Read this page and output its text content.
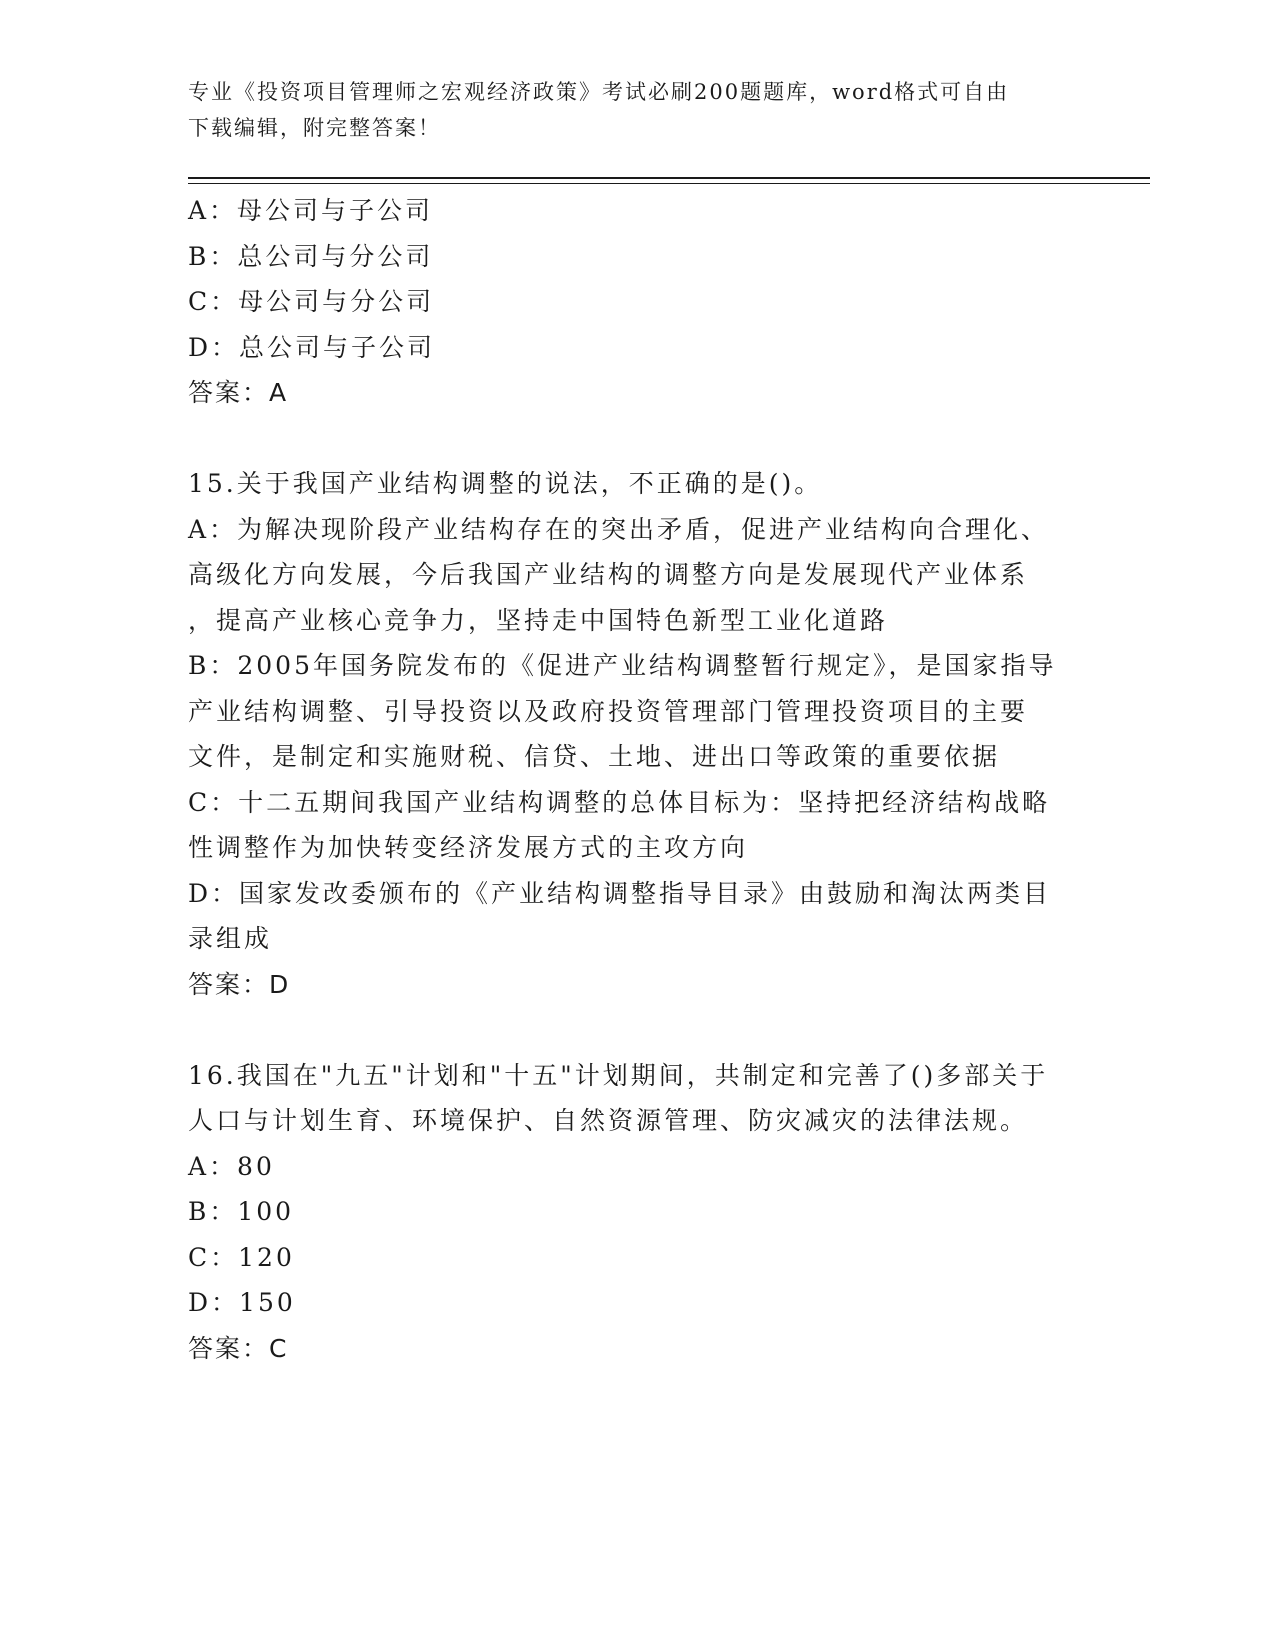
专业《投资项目管理师之宏观经济政策》考试必刷200题题库，word格式可自由
下载编辑，附完整答案！
A：母公司与子公司
B：总公司与分公司
C：母公司与分公司
D：总公司与子公司
答案：A
15.关于我国产业结构调整的说法，不正确的是()。
A：为解决现阶段产业结构存在的突出矛盾，促进产业结构向合理化、
高级化方向发展，今后我国产业结构的调整方向是发展现代产业体系
，提高产业核心竞争力，坚持走中国特色新型工业化道路
B：2005年国务院发布的《促进产业结构调整暂行规定》，是国家指导
产业结构调整、引导投资以及政府投资管理部门管理投资项目的主要
文件，是制定和实施财税、信贷、土地、进出口等政策的重要依据
C：十二五期间我国产业结构调整的总体目标为：坚持把经济结构战略
性调整作为加快转变经济发展方式的主攻方向
D：国家发改委颁布的《产业结构调整指导目录》由鼓励和淘汰两类目
录组成
答案：D
16.我国在"九五"计划和"十五"计划期间，共制定和完善了()多部关于
人口与计划生育、环境保护、自然资源管理、防灾减灾的法律法规。
A：80
B：100
C：120
D：150
答案：C
